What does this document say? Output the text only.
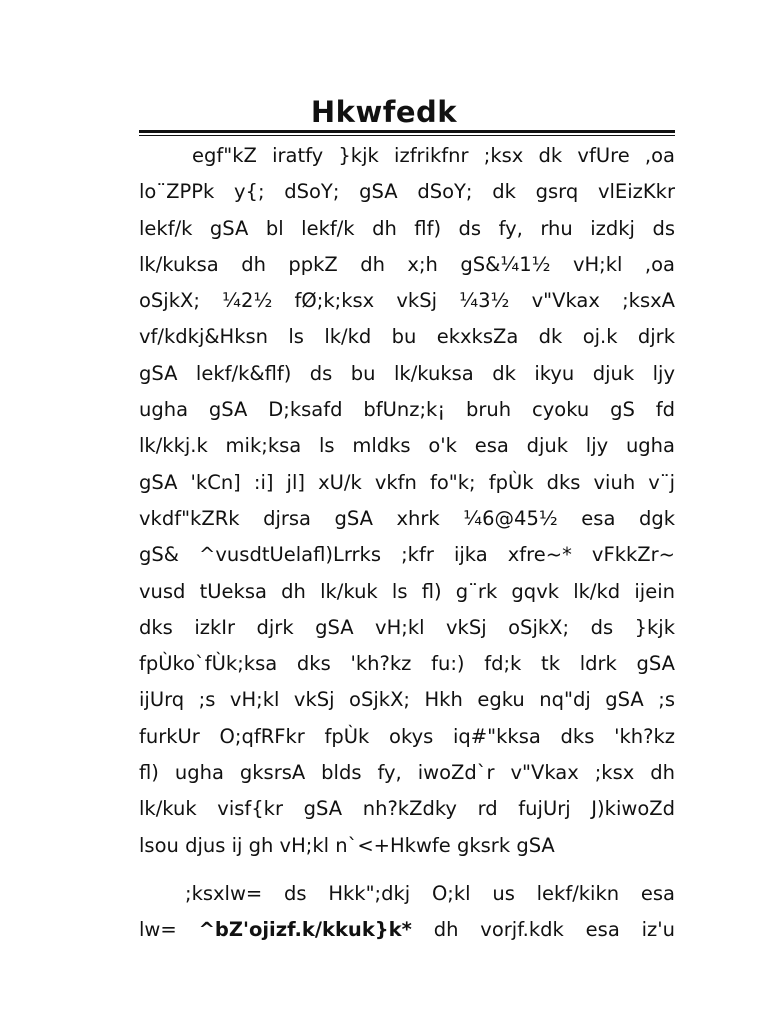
Hkwfedk
egf"kZ iratfy }kjk izfrikfnr ;ksx dk vfUre ,oa
lo¨ZPPk y{; dSoY; gSA dSoY; dk gsrq vlEizKkr
lekf/k gSA bl lekf/k dh flf) ds fy, rhu izdkj ds
lk/kuksa dh ppkZ dh x;h gS&¼1½ vH;kl ,oa
oSjkX; ¼2½ fØ;k;ksx vkSj ¼3½ v"Vkax ;ksxA
vf/kdkj&Hksn ls lk/kd bu ekxksZa dk oj.k djrk
gSA lekf/k&flf) ds bu lk/kuksa dk ikyu djuk ljy
ugha gSA D;ksafd bfUnz;k¡ bruh cyoku gS fd
lk/kkj.k mik;ksa ls mldks o'k esa djuk ljy ugha
gSA 'kCn] :i] jl] xU/k vkfn fo"k; fpÙk dks viuh v¨j
vkdf"kZRk djrsa gSA xhrk ¼6@45½ esa dgk
gS& ^vusdtUelafl)Lrrks ;kfr ijka xfre~* vFkkZr~
vusd tUeksa dh lk/kuk ls fl) g¨rk gqvk lk/kd ijein
dks izkIr djrk gSA vH;kl vkSj oSjkX; ds }kjk
fpÙko`fÙk;ksa dks 'kh?kz fu:) fd;k tk ldrk gSA
ijUrq ;s vH;kl vkSj oSjkX; Hkh egku nq"dj gSA ;s
furkUr O;qfRFkr fpÙk okys iq#"kksa dks 'kh?kz
fl) ugha gksrsA blds fy, iwoZd`r v"Vkax ;ksx dh
lk/kuk visf{kr gSA nh?kZdky rd fujUrj J)kiwoZd
lsou djus ij gh vH;kl n`<+Hkwfe gksrk gSA
;ksxlw= ds Hkk";dkj O;kl us lekf/kikn esa
lw= ^bZ'ojizf.k/kkuk}k* dh vorjf.kdk esa iz'u
